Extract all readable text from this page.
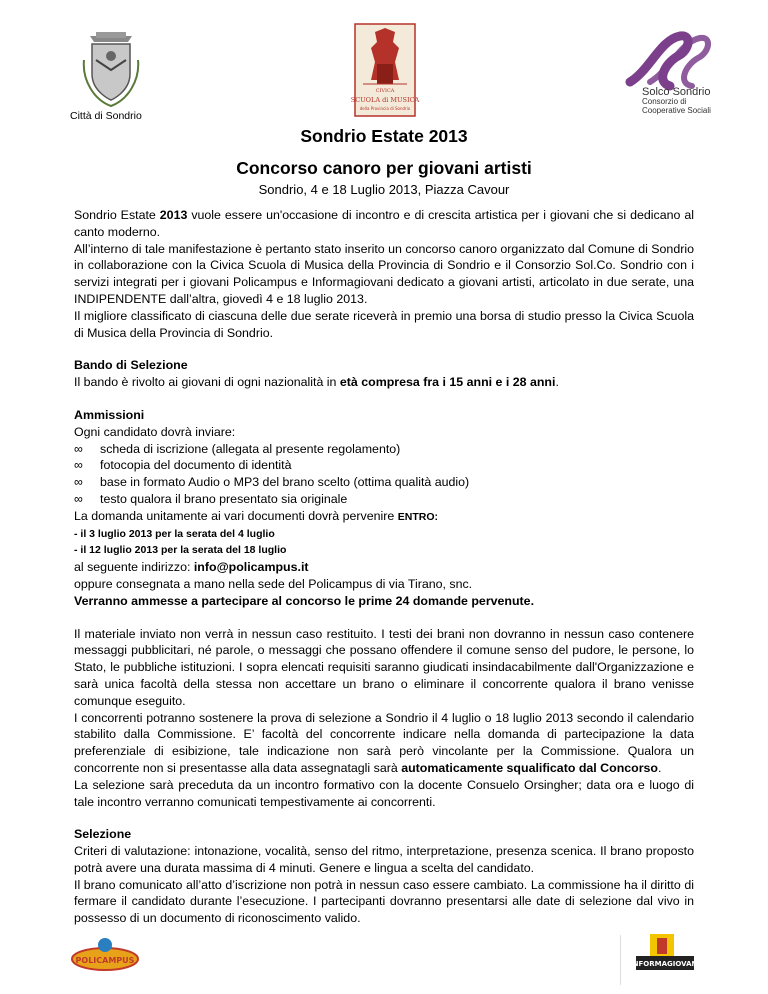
Città di Sondrio
CIVICA
SCUOLA di MUSICA
della Provincia di Sondrio
Solco Sondrio
Consorzio di
Cooperative Sociali
Sondrio Estate 2013
Concorso canoro per giovani artisti
Sondrio, 4 e 18 Luglio 2013, Piazza Cavour

Sondrio Estate 2013 vuole essere un'occasione di incontro e di crescita artistica per i giovani che si dedicano al canto moderno.

All’interno di tale manifestazione è pertanto stato inserito un concorso canoro organizzato dal Comune di Sondrio in collaborazione con la Civica Scuola di Musica della Provincia di Sondrio e il Consorzio Sol.Co. Sondrio con i servizi integrati per i giovani Policampus e Informagiovani dedicato a giovani artisti, articolato in due serate, una INDIPENDENTE dall’altra, giovedì 4 e 18 luglio 2013.

Il migliore classificato di ciascuna delle due serate riceverà in premio una borsa di studio presso la Civica Scuola di Musica della Provincia di Sondrio.

Bando di Selezione

Il bando è rivolto ai giovani di ogni nazionalità in età compresa fra i 15 anni e i 28 anni.

Ammissioni

Ogni candidato dovrà inviare:

∞ scheda di iscrizione (allegata al presente regolamento)

∞ fotocopia del documento di identità

∞ base in formato Audio o MP3 del brano scelto (ottima qualità audio)

∞ testo qualora il brano presentato sia originale

La domanda unitamente ai vari documenti dovrà pervenire ENTRO:

- il 3 luglio 2013 per la serata del 4 luglio

- il 12 luglio 2013 per la serata del 18 luglio

al seguente indirizzo: info@policampus.it

oppure consegnata a mano nella sede del Policampus di via Tirano, snc.

Verranno ammesse a partecipare al concorso le prime 24 domande pervenute.

Il materiale inviato non verrà in nessun caso restituito. I testi dei brani non dovranno in nessun caso contenere messaggi pubblicitari, né parole, o messaggi che possano offendere il comune senso del pudore, le persone, lo Stato, le pubbliche istituzioni. I sopra elencati requisiti saranno giudicati insindacabilmente dall'Organizzazione e sarà unica facoltà della stessa non accettare un brano o eliminare il concorrente qualora il brano venisse comunque eseguito.

I concorrenti potranno sostenere la prova di selezione a Sondrio il 4 luglio o 18 luglio 2013 secondo il calendario stabilito dalla Commissione. E’ facoltà del concorrente indicare nella domanda di partecipazione la data preferenziale di esibizione, tale indicazione non sarà però vincolante per la Commissione. Qualora un concorrente non si presentasse alla data assegnatagli sarà automaticamente squalificato dal Concorso.

La selezione sarà preceduta da un incontro formativo con la docente Consuelo Orsingher; data ora e luogo di tale incontro verranno comunicati tempestivamente ai concorrenti.

Selezione

Criteri di valutazione: intonazione, vocalità, senso del ritmo, interpretazione, presenza scenica. Il brano proposto potrà avere una durata massima di 4 minuti. Genere e lingua a scelta del candidato.

Il brano comunicato all’atto d’iscrizione non potrà in nessun caso essere cambiato. La commissione ha il diritto di fermare il candidato durante l’esecuzione. I partecipanti dovranno presentarsi alle date di selezione dal vivo in possesso di un documento di riconoscimento valido.

POLICAMPUS	INFORMAGIOVANI
